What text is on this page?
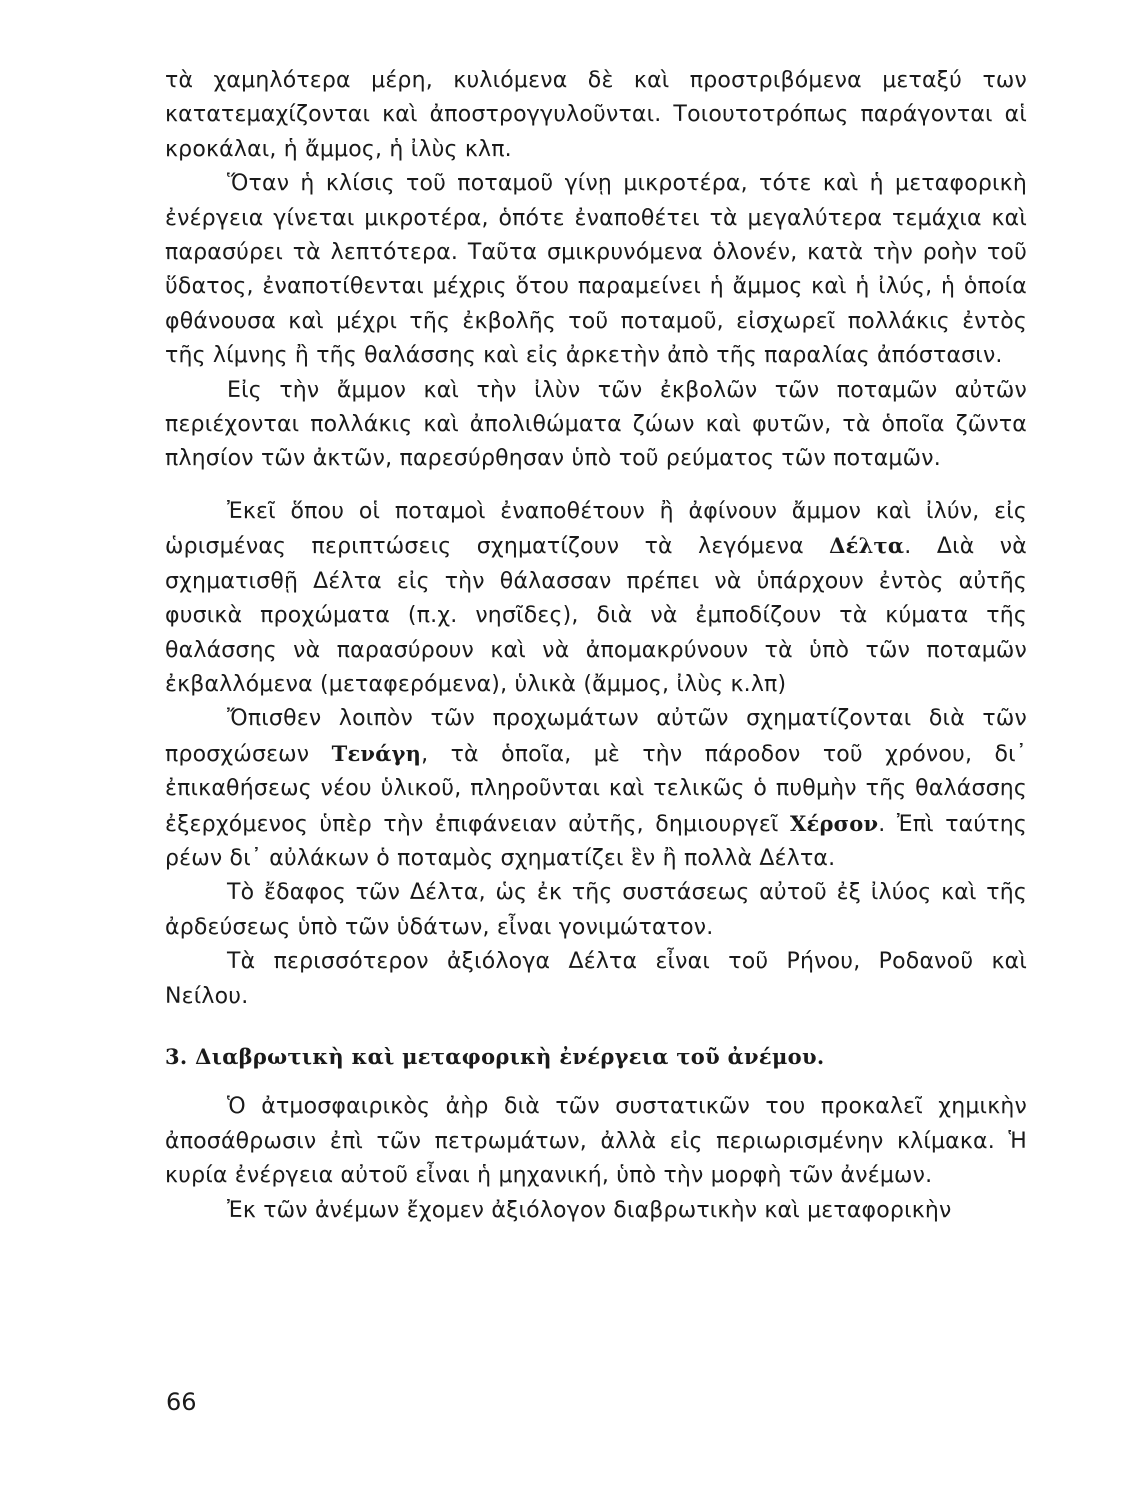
τὰ χαμηλότερα μέρη, κυλιόμενα δὲ καὶ προστριβόμενα μεταξύ των κατατεμαχίζονται καὶ ἀποστρογγυλοῦνται. Τοιουτοτρόπως παράγονται αἱ κροκάλαι, ἡ ἄμμος, ἡ ἰλὺς κλπ.

Ὅταν ἡ κλίσις τοῦ ποταμοῦ γίνῃ μικροτέρα, τότε καὶ ἡ μεταφορικὴ ἐνέργεια γίνεται μικροτέρα, ὁπότε ἐναποθέτει τὰ μεγαλύτερα τεμάχια καὶ παρασύρει τὰ λεπτότερα. Ταῦτα σμικρυνόμενα ὁλονέν, κατὰ τὴν ροὴν τοῦ ὕδατος, ἐναποτίθενται μέχρις ὅτου παραμείνει ἡ ἄμμος καὶ ἡ ἰλύς, ἡ ὁποία φθάνουσα καὶ μέχρι τῆς ἐκβολῆς τοῦ ποταμοῦ, εἰσχωρεῖ πολλάκις ἐντὸς τῆς λίμνης ἢ τῆς θαλάσσης καὶ εἰς ἀρκετὴν ἀπὸ τῆς παραλίας ἀπόστασιν.

Εἰς τὴν ἄμμον καὶ τὴν ἰλὺν τῶν ἐκβολῶν τῶν ποταμῶν αὐτῶν περιέχονται πολλάκις καὶ ἀπολιθώματα ζώων καὶ φυτῶν, τὰ ὁποῖα ζῶντα πλησίον τῶν ἀκτῶν, παρεσύρθησαν ὑπὸ τοῦ ρεύματος τῶν ποταμῶν.

Ἐκεῖ ὅπου οἱ ποταμοὶ ἐναποθέτουν ἢ ἀφίνουν ἄμμον καὶ ἰλύν, εἰς ὡρισμένας περιπτώσεις σχηματίζουν τὰ λεγόμενα Δέλτα. Διὰ νὰ σχηματισθῇ Δέλτα εἰς τὴν θάλασσαν πρέπει νὰ ὑπάρχουν ἐντὸς αὐτῆς φυσικὰ προχώματα (π.χ. νησῖδες), διὰ νὰ ἐμποδίζουν τὰ κύματα τῆς θαλάσσης νὰ παρασύρουν καὶ νὰ ἀπομακρύνουν τὰ ὑπὸ τῶν ποταμῶν ἐκβαλλόμενα (μεταφερόμενα), ὑλικὰ (ἄμμος, ἰλὺς κ.λπ)

Ὄπισθεν λοιπὸν τῶν προχωμάτων αὐτῶν σχηματίζονται διὰ τῶν προσχώσεων Τενάγη, τὰ ὁποῖα, μὲ τὴν πάροδον τοῦ χρόνου, δι᾽ ἐπικαθήσεως νέου ὑλικοῦ, πληροῦνται καὶ τελικῶς ὁ πυθμὴν τῆς θαλάσσης ἐξερχόμενος ὑπὲρ τὴν ἐπιφάνειαν αὐτῆς, δημιουργεῖ Χέρσον. Ἐπὶ ταύτης ρέων δι᾽ αὐλάκων ὁ ποταμὸς σχηματίζει ἓν ἢ πολλὰ Δέλτα.

Τὸ ἔδαφος τῶν Δέλτα, ὡς ἐκ τῆς συστάσεως αὐτοῦ ἐξ ἰλύος καὶ τῆς ἀρδεύσεως ὑπὸ τῶν ὑδάτων, εἶναι γονιμώτατον.

Τὰ περισσότερον ἀξιόλογα Δέλτα εἶναι τοῦ Ρήνου, Ροδανοῦ καὶ Νείλου.

3. Διαβρωτικὴ καὶ μεταφορικὴ ἐνέργεια τοῦ ἀνέμου.

Ὁ ἀτμοσφαιρικὸς ἀὴρ διὰ τῶν συστατικῶν του προκαλεῖ χημικὴν ἀποσάθρωσιν ἐπὶ τῶν πετρωμάτων, ἀλλὰ εἰς περιωρισμένην κλίμακα. Ἡ κυρία ἐνέργεια αὐτοῦ εἶναι ἡ μηχανική, ὑπὸ τὴν μορφὴ τῶν ἀνέμων.

Ἐκ τῶν ἀνέμων ἔχομεν ἀξιόλογον διαβρωτικὴν καὶ μεταφορικὴν

66
